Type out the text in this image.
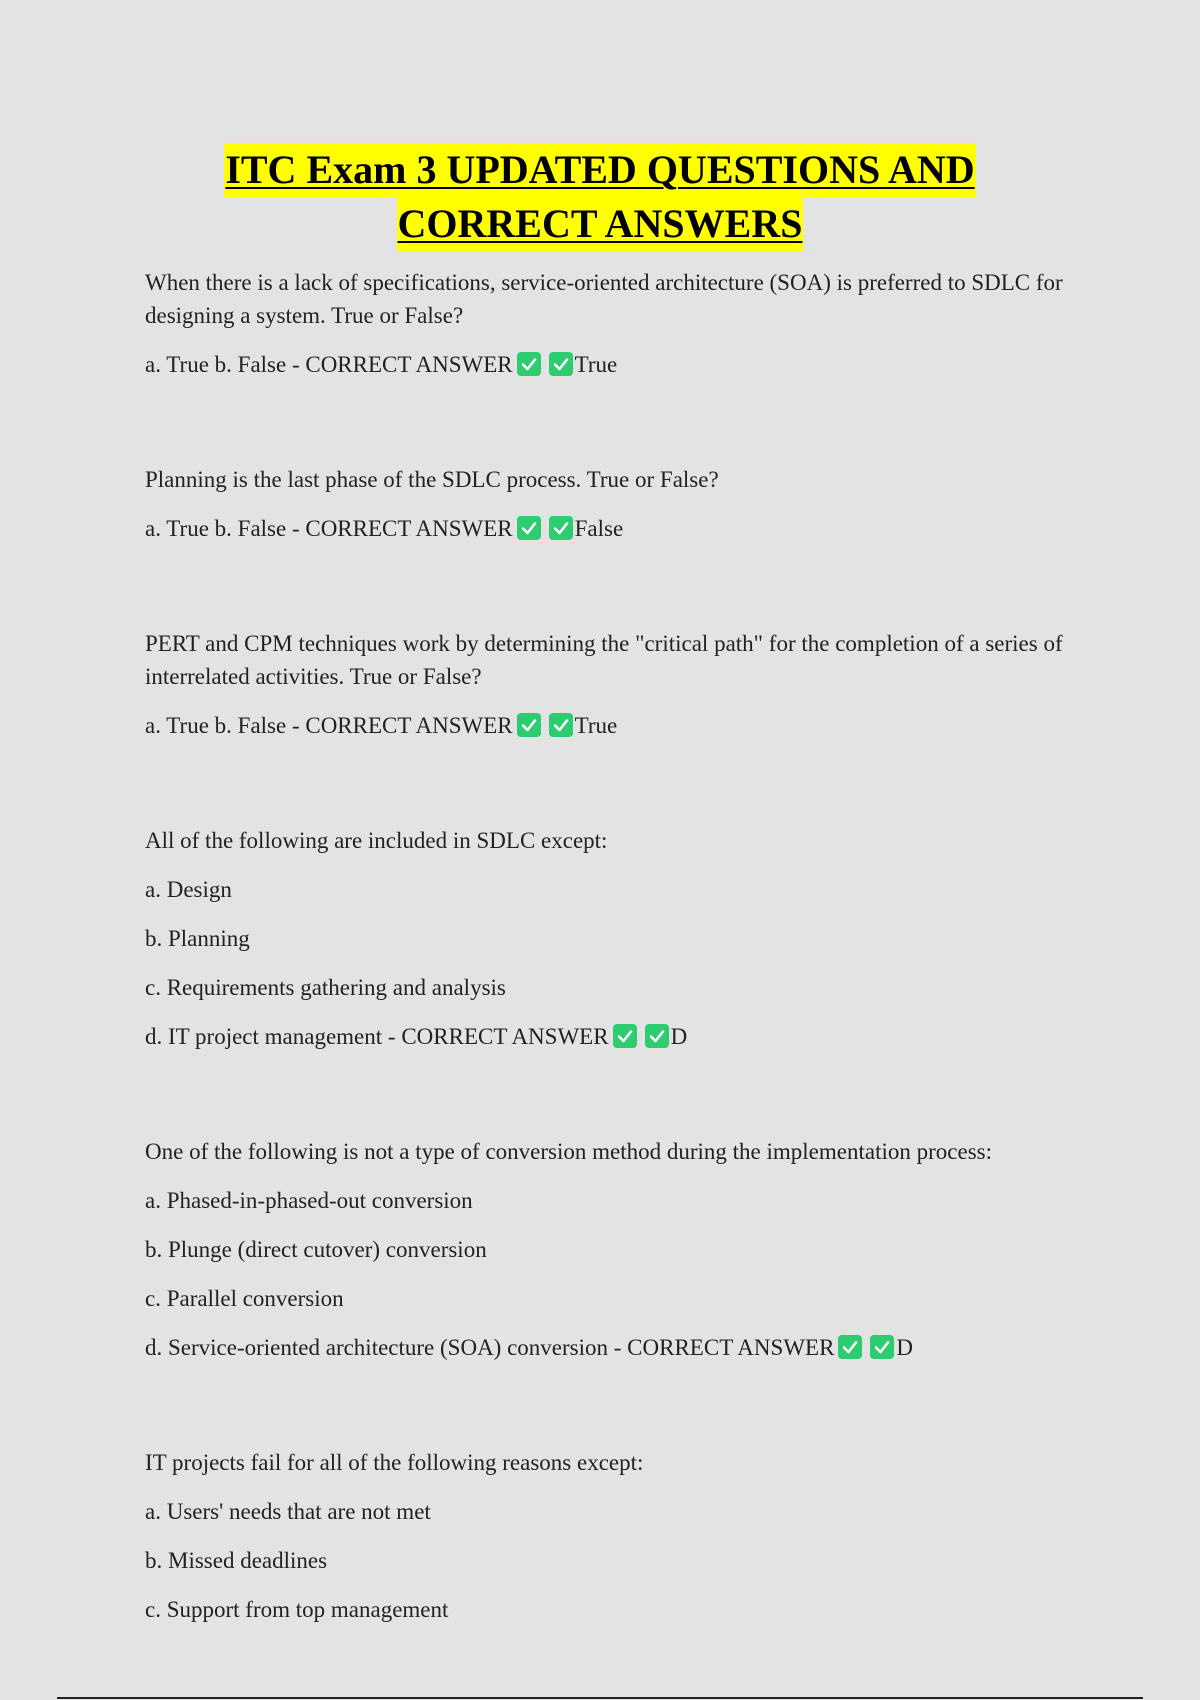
ITC Exam 3 UPDATED QUESTIONS AND
CORRECT ANSWERS

When there is a lack of specifications, service-oriented architecture (SOA) is preferred to SDLC for designing a system. True or False?

a. True b. False - CORRECT ANSWER	True

Planning is the last phase of the SDLC process. True or False?

a. True b. False - CORRECT ANSWER	False

PERT and CPM techniques work by determining the "critical path" for the completion of a series of interrelated activities. True or False?

a. True b. False - CORRECT ANSWER	True

All of the following are included in SDLC except:

a. Design

b. Planning

c. Requirements gathering and analysis

d. IT project management - CORRECT ANSWER	D

One of the following is not a type of conversion method during the implementation process:

a. Phased-in-phased-out conversion

b. Plunge (direct cutover) conversion

c. Parallel conversion

d. Service-oriented architecture (SOA) conversion - CORRECT ANSWER	D

IT projects fail for all of the following reasons except:

a. Users' needs that are not met

b. Missed deadlines

c. Support from top management
